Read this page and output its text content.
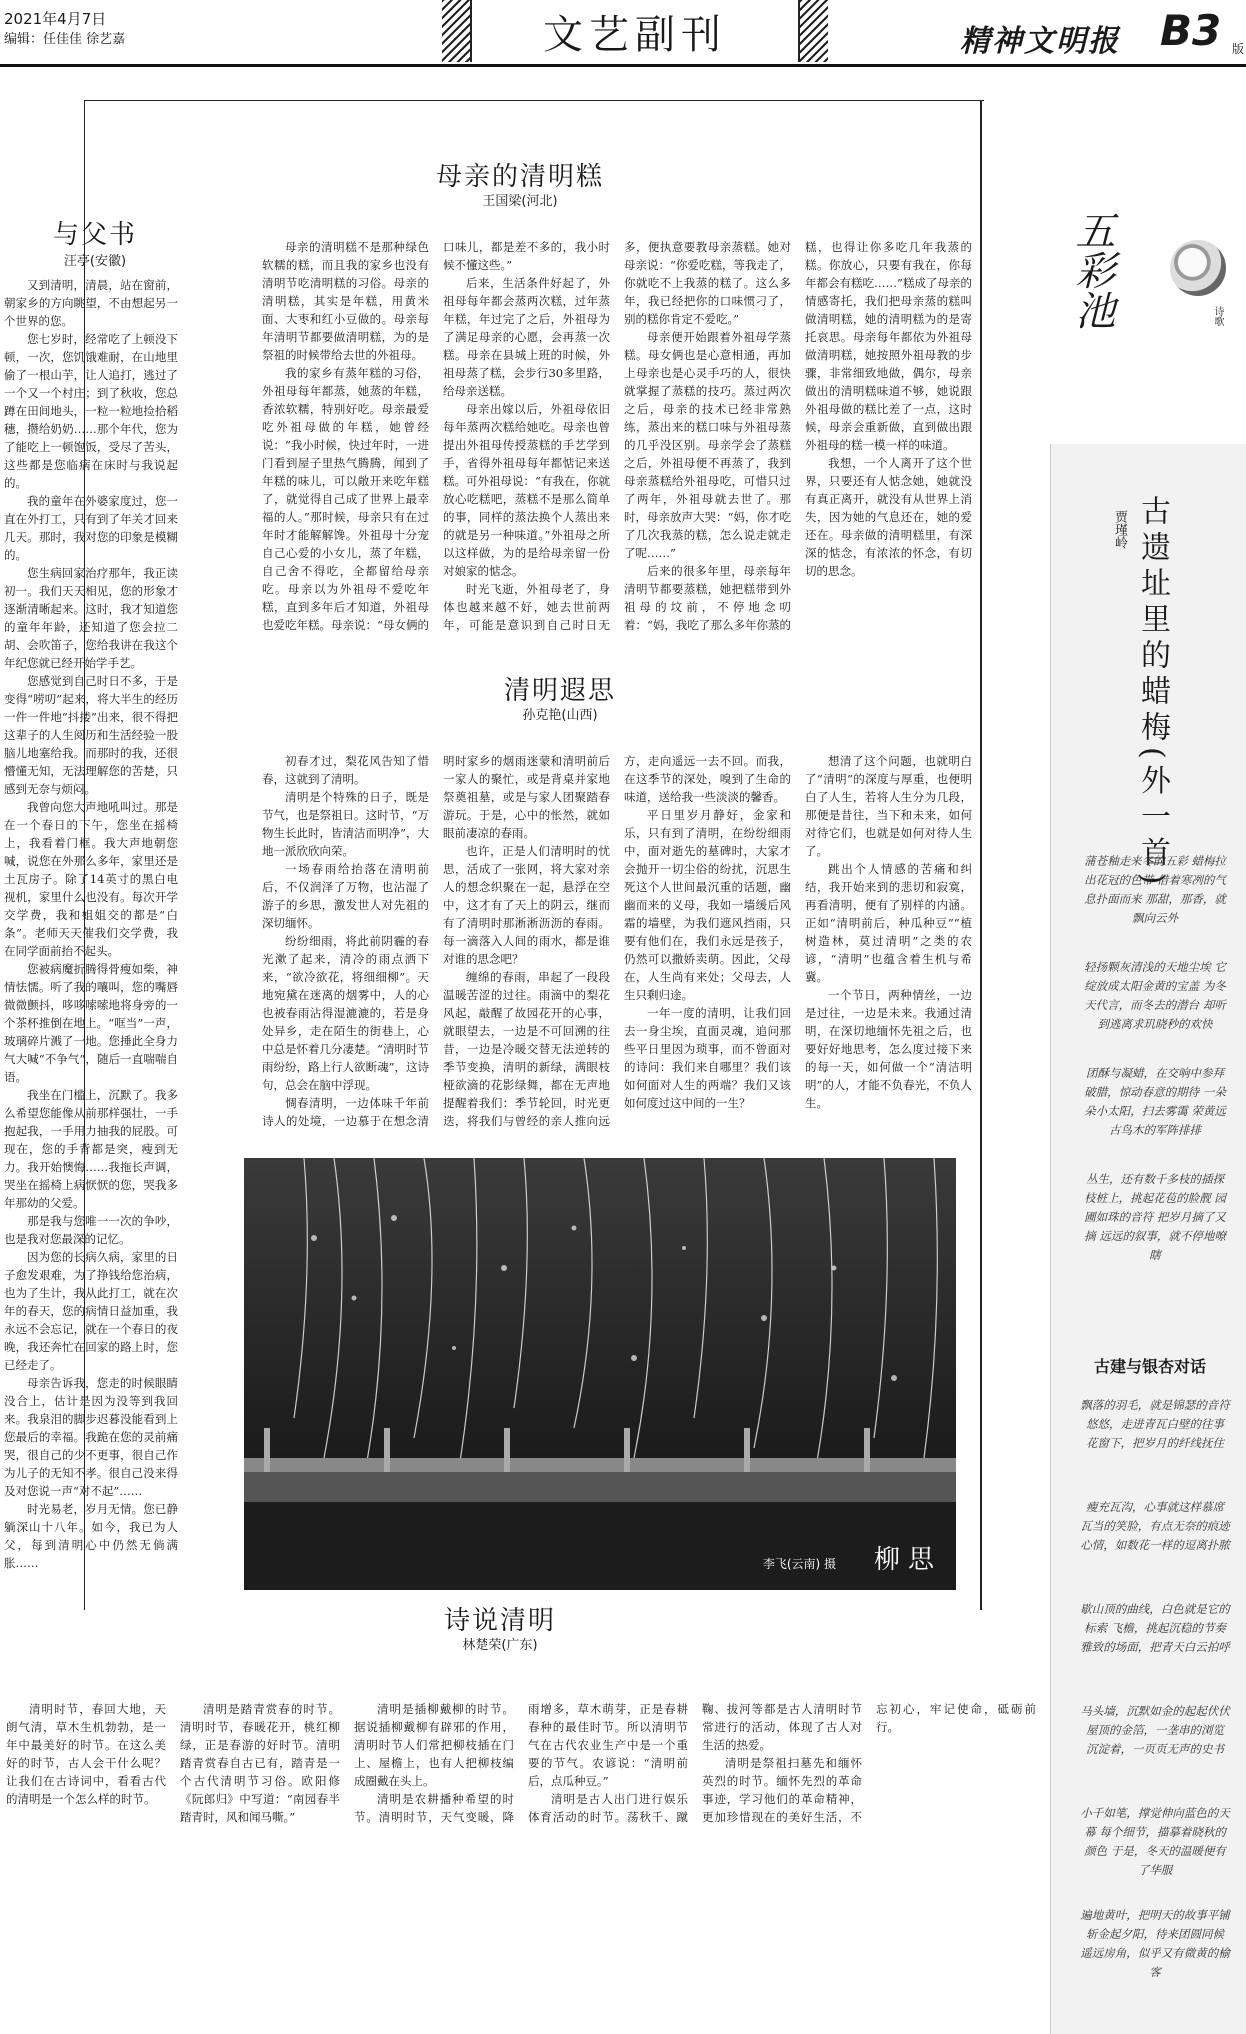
2021年4月7日
编辑：任佳佳 徐艺嘉	文艺副刊	精神文明报 B3 版
与父书
汪亭(安徽)

又到清明，清晨，站在窗前，朝家乡的方向眺望，不由想起另一个世界的您。

您七岁时，经常吃了上顿没下顿，一次，您饥饿难耐，在山地里偷了一根山芋，让人追打，逃过了一个又一个村庄；到了秋收，您总蹲在田间地头，一粒一粒地捡拾稻穗，攒给奶奶……那个年代，您为了能吃上一顿饱饭，受尽了苦头，这些都是您临病在床时与我说起的。

我的童年在外婆家度过，您一直在外打工，只有到了年关才回来几天。那时，我对您的印象是模糊的。

您生病回家治疗那年，我正读初一。我们天天相见，您的形象才逐渐清晰起来。这时，我才知道您的童年年龄，还知道了您会拉二胡、会吹笛子，您给我讲在我这个年纪您就已经开始学手艺。

您感觉到自己时日不多，于是变得“唠叨”起来，将大半生的经历一件一件地“抖搂”出来，很不得把这辈子的人生阅历和生活经验一股脑儿地塞给我。而那时的我，还很懵懂无知，无法理解您的苦楚，只感到无奈与烦闷。

我曾向您大声地吼叫过。那是在一个春日的下午，您坐在摇椅上，我看着门框。我大声地朝您喊，说您在外那么多年，家里还是土瓦房子。除了14英寸的黑白电视机，家里什么也没有。每次开学交学费，我和姐姐交的都是“白条”。老师天天催我们交学费，我在同学面前抬不起头。

您被病魔折腾得骨瘦如柴，神情怯懦。听了我的嚷叫，您的嘴唇微微颤抖，哆哆嗦嗦地将身旁的一个茶杯推倒在地上。“哐当”一声，玻璃碎片溅了一地。您捶此全身力气大喊“不争气”，随后一直喘喘自语。

我坐在门槛上，沉默了。我多么希望您能像从前那样强壮，一手抱起我，一手用力抽我的屁股。可现在，您的手背都是突，瘦到无力。我开始懊悔……我拖长声调，哭坐在摇椅上病恹恹的您，哭我多年那幼的父爱。

那是我与您唯一一次的争吵，也是我对您最深的记忆。

因为您的长病久病，家里的日子愈发艰难，为了挣钱给您治病，也为了生计，我从此打工，就在次年的春天，您的病情日益加重，我永远不会忘记，就在一个春日的夜晚，我还奔忙在回家的路上时，您已经走了。

母亲告诉我，您走的时候眼睛没合上，估计是因为没等到我回来。我泉泪的脚步迟暮没能看到上您最后的幸福。我跪在您的灵前痛哭，很自己的少不更事，很自己作为儿子的无知不孝。很自己没来得及对您说一声“对不起”……

时光易老，岁月无情。您已静躺深山十八年。如今，我已为人父，每到清明心中仍然无倘满胀……

母亲的清明糕
王国梁(河北)

母亲的清明糕不是那种绿色软糯的糕，而且我的家乡也没有清明节吃清明糕的习俗。母亲的清明糕，其实是年糕，用黄米面、大枣和红小豆做的。母亲每年清明节都要做清明糕，为的是祭祖的时候带给去世的外祖母。

我的家乡有蒸年糕的习俗，外祖母每年都蒸，她蒸的年糕，香浓软糯，特别好吃。母亲最爱吃外祖母做的年糕，她曾经说：“我小时候，快过年时，一进门看到屋子里热气腾腾，闻到了年糕的味儿，可以敞开来吃年糕了，就觉得自己成了世界上最幸福的人。”那时候，母亲只有在过年时才能解解馋。外祖母十分宠自己心爱的小女儿，蒸了年糕，自己舍不得吃，全都留给母亲吃。母亲以为外祖母不爱吃年糕，直到多年后才知道，外祖母也爱吃年糕。母亲说：“母女俩的口味儿，都是差不多的，我小时候不懂这些。”

后来，生活条件好起了，外祖母每年都会蒸两次糕，过年蒸年糕，年过完了之后，外祖母为了满足母亲的心愿，会再蒸一次糕。母亲在县城上班的时候，外祖母蒸了糕，会步行30多里路，给母亲送糕。

母亲出嫁以后，外祖母依旧每年蒸两次糕给她吃。母亲也曾提出外祖母传授蒸糕的手艺学到手，省得外祖母每年都惦记来送糕。可外祖母说：“有我在，你就放心吃糕吧，蒸糕不是那么简单的事，同样的蒸法换个人蒸出来的就是另一种味道。”外祖母之所以这样做，为的是给母亲留一份对娘家的惦念。

时光飞逝，外祖母老了，身体也越来越不好，她去世前两年，可能是意识到自己时日无多，便执意要教母亲蒸糕。她对母亲说：“你爱吃糕，等我走了，你就吃不上我蒸的糕了。这么多年，我已经把你的口味惯刁了，别的糕你肯定不爱吃。”

母亲便开始跟着外祖母学蒸糕。母女俩也是心意相通，再加上母亲也是心灵手巧的人，很快就掌握了蒸糕的技巧。蒸过两次之后，母亲的技术已经非常熟练，蒸出来的糕口味与外祖母蒸的几乎没区别。母亲学会了蒸糕之后，外祖母便不再蒸了，我到母亲蒸糕给外祖母吃，可惜只过了两年，外祖母就去世了。那时，母亲放声大哭：“妈，你才吃了几次我蒸的糕，怎么说走就走了呢……”

后来的很多年里，母亲每年清明节都要蒸糕，她把糕带到外祖母的坟前，不停地念叨着：“妈，我吃了那么多年你蒸的糕，也得让你多吃几年我蒸的糕。你放心，只要有我在，你每年都会有糕吃……”糕成了母亲的情感寄托，我们把母亲蒸的糕叫做清明糕，她的清明糕为的是寄托哀思。母亲每年都依为外祖母做清明糕，她按照外祖母教的步骤，非常细致地做，偶尔，母亲做出的清明糕味道不够，她说跟外祖母做的糕比差了一点，这时候，母亲会重新做，直到做出跟外祖母的糕一模一样的味道。

我想，一个人离开了这个世界，只要还有人惦念她，她就没有真正离开，就没有从世界上消失，因为她的气息还在，她的爱还在。母亲做的清明糕里，有深深的惦念，有浓浓的怀念，有切切的思念。

清明遐思
孙克艳(山西)

初春才过，梨花风告知了惜春，这就到了清明。

清明是个特殊的日子，既是节气，也是祭祖日。这时节，“万物生长此时，皆清洁而明净”，大地一派欣欣向荣。

一场春雨给抬落在清明前后，不仅润泽了万物，也沾湿了游子的乡思，激发世人对先祖的深切缅怀。

纷纷细雨，将此前阴霾的春光漱了起来，清冷的雨点洒下来，“欲冷欲花，将细细柳”。天地宛黛在迷离的烟雾中，人的心也被春雨沾得湿漉漉的，若是身处异乡，走在陌生的街巷上，心中总是怀着几分凄楚。“清明时节雨纷纷，路上行人欲断魂”，这诗句，总会在脑中浮现。

惆春清明，一边体味千年前诗人的处境，一边慕于在想念清明时家乡的烟雨迷蒙和清明前后一家人的聚忙，或是背桌并家地祭奠祖墓，或是与家人团聚踏春游玩。于是，心中的怅然，就如眼前凄凉的春雨。

也许，正是人们清明时的忧思，活成了一张网，将大家对亲人的想念织聚在一起，悬浮在空中，这才有了天上的阴云，继而有了清明时那淅淅沥沥的春雨。每一滴落入人间的雨水，都是谁对谁的思念吧？

缠绵的春雨，串起了一段段温暖苦涩的过往。雨滴中的梨花风起，敲醒了故园花开的心事，就眼望去，一边是不可回溯的往昔，一边是冷暖交替无法逆转的季节变换，清明的新绿，满眼枝桠欲滴的花影绿舞，都在无声地提醒着我们：季节轮回，时光更迭，将我们与曾经的亲人推向远方，走向遥远一去不回。而我，在这季节的深处，嗅到了生命的味道，送给我一些淡淡的馨香。

平日里岁月静好，金家和乐，只有到了清明，在纷纷细雨中，面对逝先的墓碑时，大家才会抛开一切尘俗的纷扰，沉思生死这个人世间最沉重的话题，幽幽而来的义母，我如一墙缓后风霜的墙壁，为我们遮风挡雨，只要有他们在，我们永远是孩子，仍然可以撒娇卖萌。因此，父母在，人生尚有来处；父母去，人生只剩归途。

一年一度的清明，让我们回去一身尘埃，直面灵魂，追问那些平日里因为琐事，而不曾面对的诗问：我们来自哪里？我们该如何面对人生的两端？我们又该如何度过这中间的一生？

想清了这个问题，也就明白了“清明”的深度与厚重，也便明白了人生，若将人生分为几段，那便是昔往，当下和未来，如何对待它们，也就是如何对待人生了。

跳出个人情感的苦痛和纠结，我开始来到的悲切和寂寞，再看清明，便有了别样的内涵。正如“清明前后，种瓜种豆”“植树造林，莫过清明”之类的农谚，“清明”也蕴含着生机与希冀。

一个节日，两种情丝，一边是过往，一边是未来。我通过清明，在深切地缅怀先祖之后，也要好好地思考，怎么度过接下来的每一天，如何做一个“清洁明明”的人，才能不负春光，不负人生。

柳思
李飞(云南) 摄
诗说清明
林楚荣(广东)

清明时节，春回大地，天朗气清，草木生机勃勃，是一年中最美好的时节。在这么美好的时节，古人会干什么呢？让我们在古诗词中，看看古代的清明是一个怎么样的时节。

清明是踏青赏春的时节。清明时节，春暖花开，桃红柳绿，正是春游的好时节。清明踏青赏春自古已有，踏青是一个古代清明节习俗。欧阳修《阮郎归》中写道：“南园春半踏青时，风和闻马嘶。”

清明是插柳戴柳的时节。据说插柳戴柳有辟邪的作用，清明时节人们常把柳枝插在门上、屋檐上，也有人把柳枝编成圈戴在头上。

清明是农耕播种希望的时节。清明时节，天气变暖，降雨增多，草木萌芽，正是春耕春种的最佳时节。所以清明节气在古代农业生产中是一个重要的节气。农谚说：“清明前后，点瓜种豆。”

清明是古人出门进行娱乐体育活动的时节。荡秋千、蹴鞠、拔河等都是古人清明时节常进行的活动，体现了古人对生活的热爱。

清明是祭祖扫墓先和缅怀英烈的时节。缅怀先烈的革命事迹，学习他们的革命精神，更加珍惜现在的美好生活，不忘初心，牢记使命，砥砺前行。

五彩池	诗歌
古遗址里的蜡梅(外一首)
贾瑾岭
蒲苍釉走来冬的五彩 蜡梅拉出花冠的色带 借着寒冽的气息扑面而来 那甜，那香，就飘向云外
轻扬颗灰清浅的天地尘埃 它绽放成太阳金黄的宝盖 为冬天代言，而冬去的潜台 却听到逃离求玑晓秒的欢快
团酥与凝蜡，在交响中参拜 破腊，惊动春意的期待 一朵朵小太阳，扫去雾霭 荣黄远古鸟木的军阵排排
丛生，还有数千多枝的插探 枝桩上，挑起花苞的脸靓 园圃如珠的音符 把岁月摘了又摘 远远的叙事，就不停地嘹瞎
古建与银杏对话
飘落的羽毛，就是锦瑟的音符 悠悠，走进青瓦白壁的往事 花窗下，把岁月的纤线抚住
瘦充瓦沟，心事就这样慕席 瓦当的笑脸，有点无奈的痕迹 心情，如数花一样的逗离扑脓
歇山顶的曲线，白色就是它的标索 飞檐，挑起沉稳的节奏 雅致的场面，把青天白云拍呼
马头墙，沉默如金的起起伏伏 屋顶的金箔，一垄串的浏览 沉淀着，一页页无声的史书
小千如笔，撑觉伸向蓝色的天幕 每个细节，描摹着晓秋的颜色 于是，冬天的温暖便有了华服
遍地黄叶，把明天的故事平铺 斩金起夕阳，待来团圆同候 遥远房角，似乎又有微黄的榆客
